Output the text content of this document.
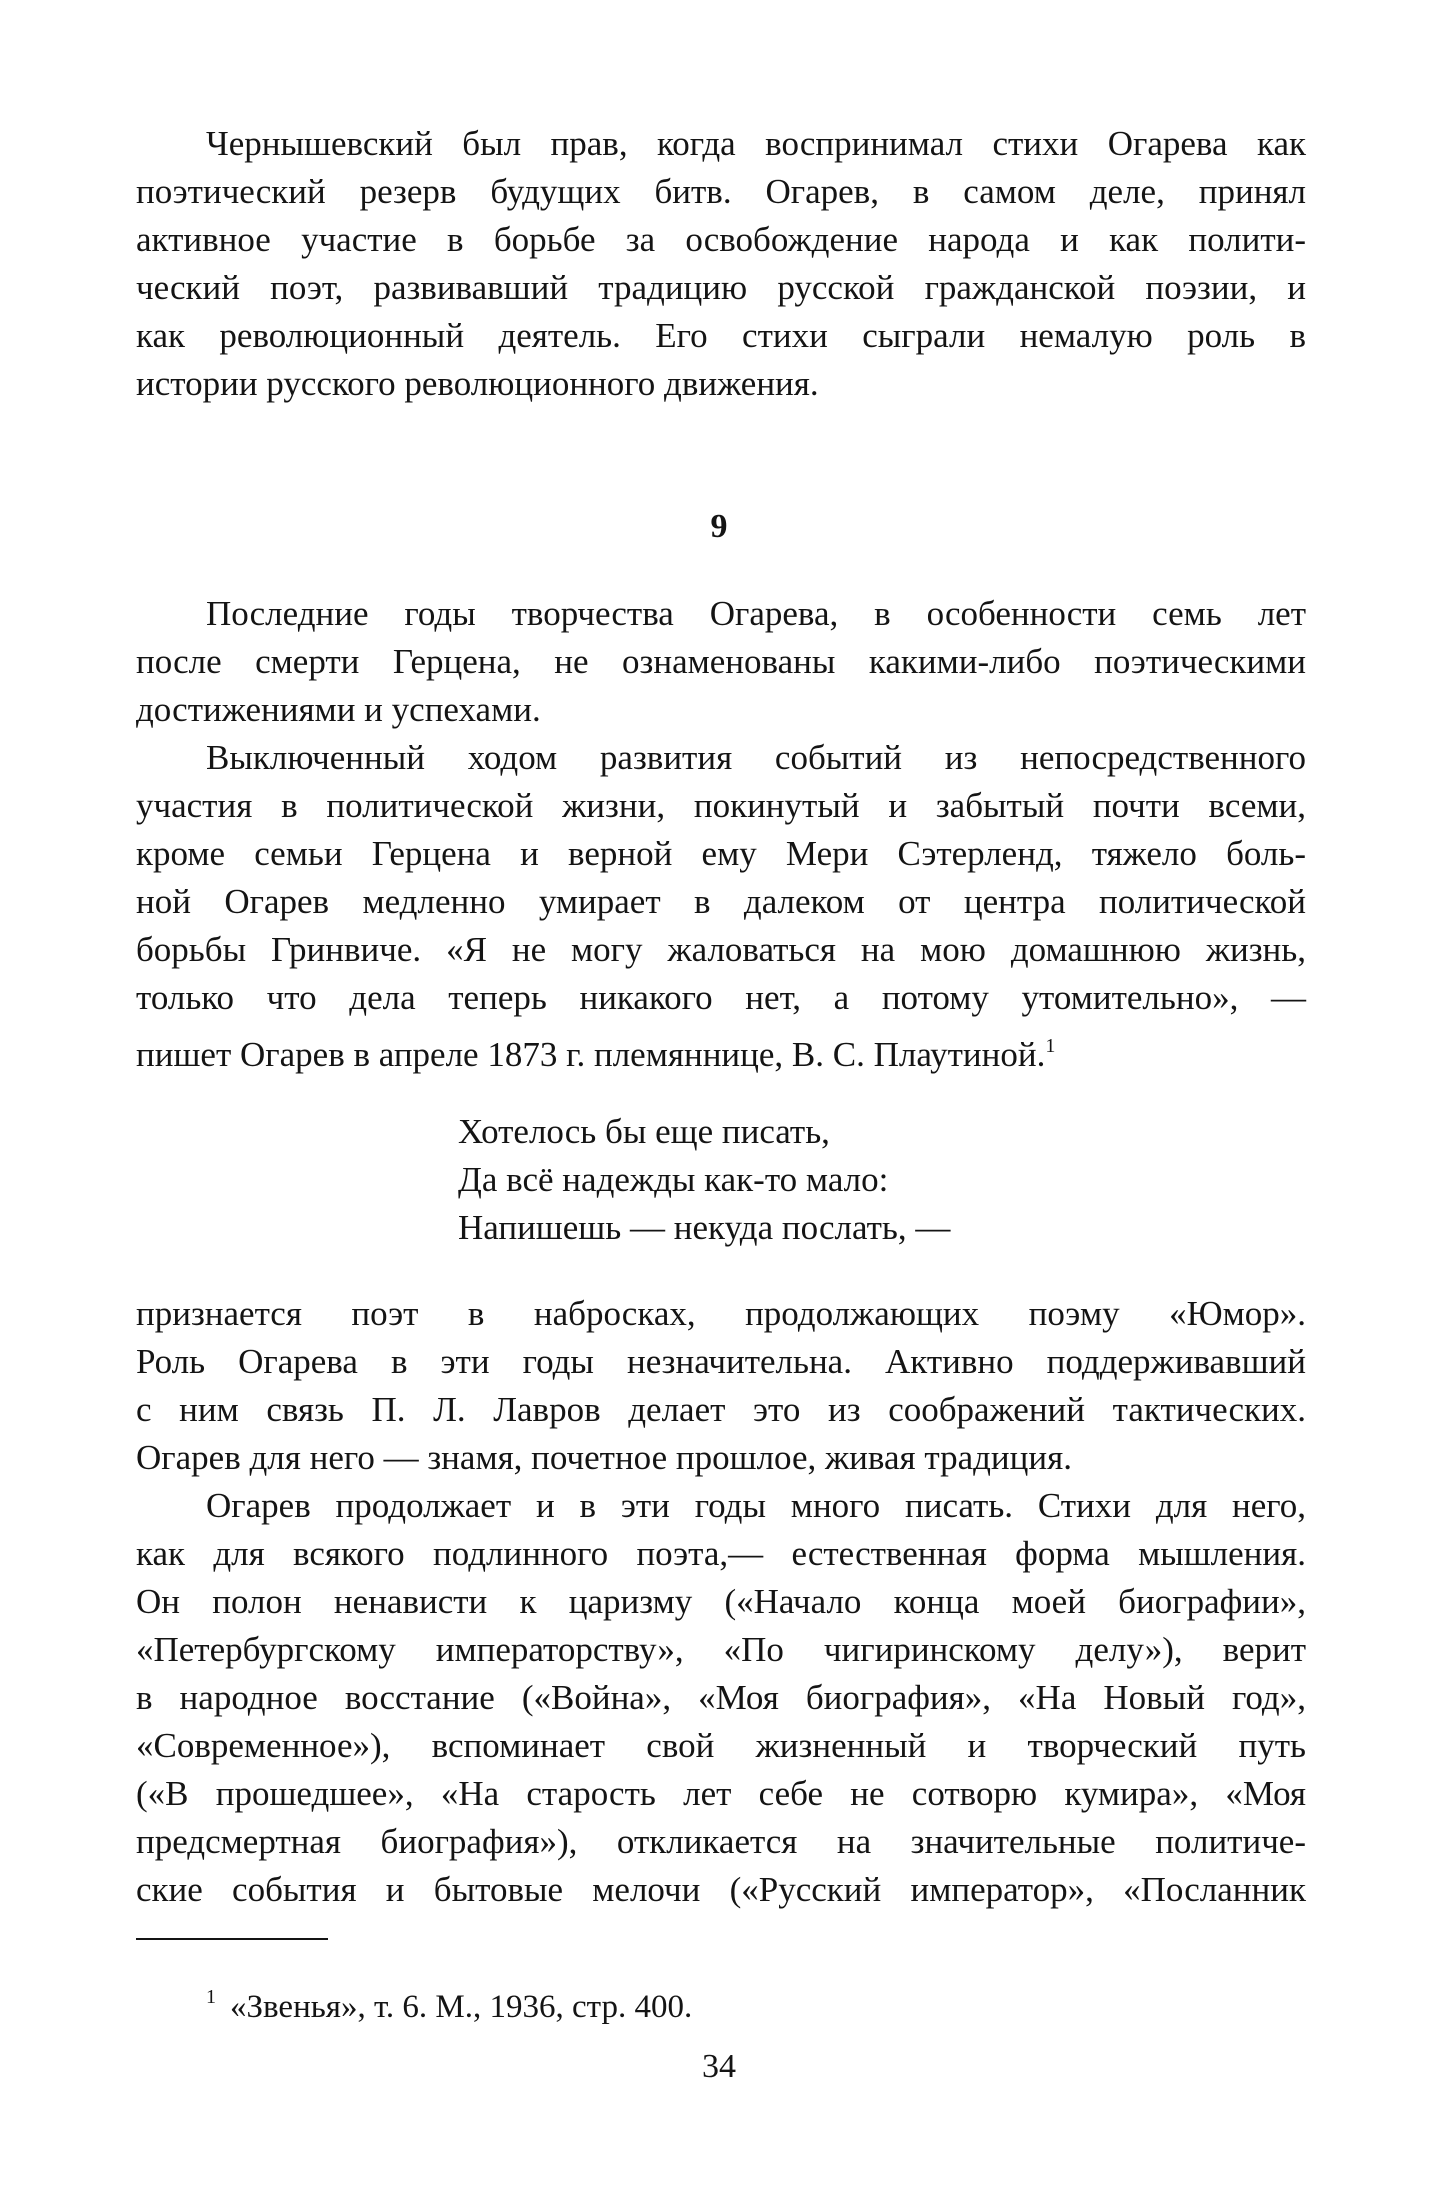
Чернышевский был прав, когда воспринимал стихи Огарева как
поэтический резерв будущих битв. Огарев, в самом деле, принял
активное участие в борьбе за освобождение народа и как полити-
ческий поэт, развивавший традицию русской гражданской поэзии, и
как революционный деятель. Его стихи сыграли немалую роль в
истории русского революционного движения.
9
Последние годы творчества Огарева, в особенности семь лет
после смерти Герцена, не ознаменованы какими-либо поэтическими
достижениями и успехами.
Выключенный ходом развития событий из непосредственного
участия в политической жизни, покинутый и забытый почти всеми,
кроме семьи Герцена и верной ему Мери Сэтерленд, тяжело боль-
ной Огарев медленно умирает в далеком от центра политической
борьбы Гринвиче. «Я не могу жаловаться на мою домашнюю жизнь,
только что дела теперь никакого нет, а потому утомительно», —
пишет Огарев в апреле 1873 г. племяннице, В. С. Плаутиной.$^1$
Хотелось бы еще писать,
Да всё надежды как-то мало:
Напишешь — некуда послать, —
признается поэт в набросках, продолжающих поэму «Юмор».
Роль Огарева в эти годы незначительна. Активно поддерживавший
с ним связь П. Л. Лавров делает это из соображений тактических.
Огарев для него — знамя, почетное прошлое, живая традиция.
Огарев продолжает и в эти годы много писать. Стихи для него,
как для всякого подлинного поэта,— естественная форма мышления.
Он полон ненависти к царизму («Начало конца моей биографии»,
«Петербургскому императорству», «По чигиринскому делу»), верит
в народное восстание («Война», «Моя биография», «На Новый год»,
«Современное»), вспоминает свой жизненный и творческий путь
(«В прошедшее», «На старость лет себе не сотворю кумира», «Моя
предсмертная биография»), откликается на значительные политиче-
ские события и бытовые мелочи («Русский император», «Посланник
$^1$ «Звенья», т. 6. М., 1936, стр. 400.
34
